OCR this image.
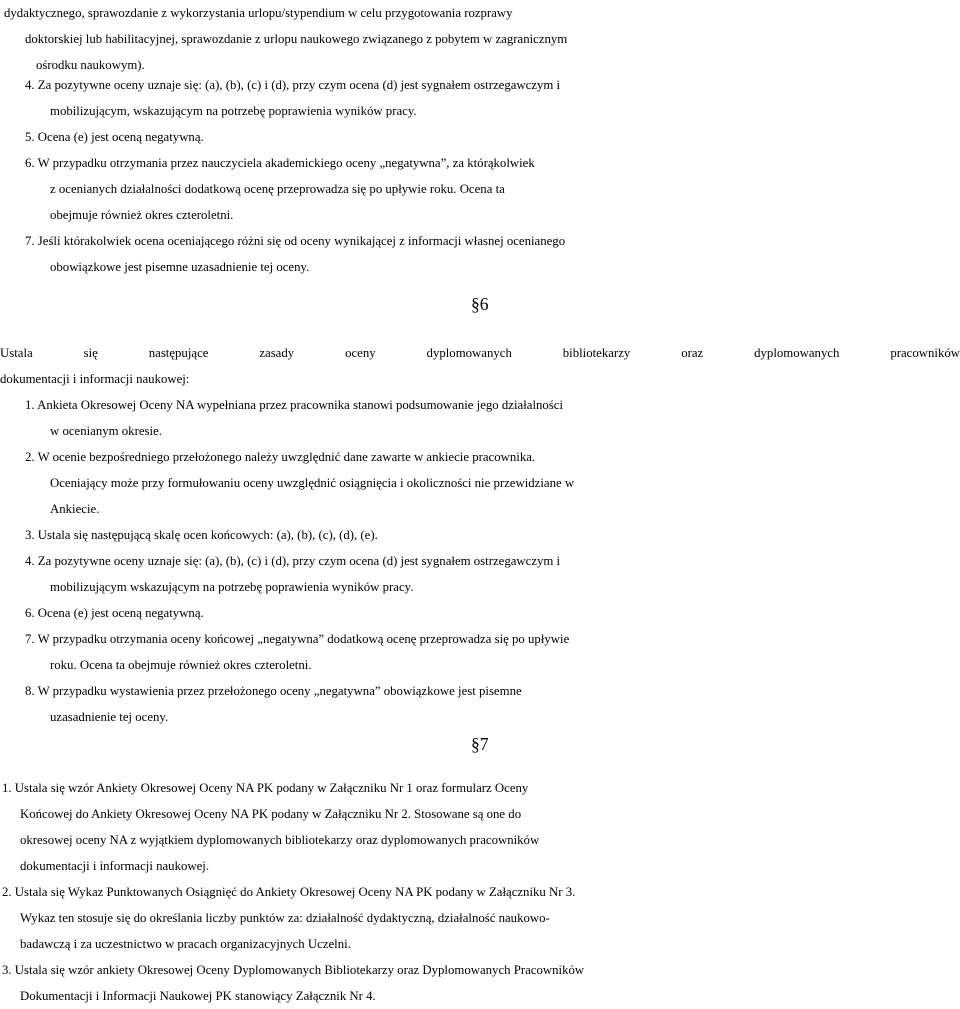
dydaktycznego, sprawozdanie z wykorzystania urlopu/stypendium w celu przygotowania rozprawy
doktorskiej lub habilitacyjnej, sprawozdanie z urlopu naukowego związanego z pobytem w zagranicznym
ośrodku naukowym).
4. Za pozytywne oceny uznaje się: (a), (b), (c) i (d), przy czym ocena (d) jest sygnałem ostrzegawczym i
mobilizującym, wskazującym na potrzebę poprawienia wyników pracy.
5. Ocena (e) jest oceną negatywną.
6. W przypadku otrzymania przez nauczyciela akademickiego oceny „negatywna”, za którąkolwiek
z ocenianych działalności dodatkową ocenę przeprowadza się po upływie roku. Ocena ta
obejmuje również okres czteroletni.
7. Jeśli którakolwiek ocena oceniającego różni się od oceny wynikającej z informacji własnej ocenianego
obowiązkowe jest pisemne uzasadnienie tej oceny.
§6
Ustala się następujące zasady oceny dyplomowanych bibliotekarzy oraz dyplomowanych pracowników
dokumentacji i informacji naukowej:
1. Ankieta Okresowej Oceny NA wypełniana przez pracownika stanowi podsumowanie jego działalności
w ocenianym okresie.
2. W ocenie bezpośredniego przełożonego należy uwzględnić dane zawarte w ankiecie pracownika.
Oceniający może przy formułowaniu oceny uwzględnić osiągnięcia i okoliczności nie przewidziane w
Ankiecie.
3. Ustala się następującą skalę ocen końcowych: (a), (b), (c), (d), (e).
4. Za pozytywne oceny uznaje się: (a), (b), (c) i (d), przy czym ocena (d) jest sygnałem ostrzegawczym i
mobilizującym wskazującym na potrzebę poprawienia wyników pracy.
6. Ocena (e) jest oceną negatywną.
7. W przypadku otrzymania oceny końcowej „negatywna” dodatkową ocenę przeprowadza się po upływie
roku. Ocena ta obejmuje również okres czteroletni.
8. W przypadku wystawienia przez przełożonego oceny „negatywna” obowiązkowe jest pisemne
uzasadnienie tej oceny.
§7
1. Ustala się wzór Ankiety Okresowej Oceny NA PK podany w Załączniku Nr 1 oraz formularz Oceny
Końcowej do Ankiety Okresowej Oceny NA PK podany w Załączniku Nr 2. Stosowane są one do
okresowej oceny NA z wyjątkiem dyplomowanych bibliotekarzy oraz dyplomowanych pracowników
dokumentacji i informacji naukowej.
2. Ustala się Wykaz Punktowanych Osiągnięć do Ankiety Okresowej Oceny NA PK podany w Załączniku Nr 3.
Wykaz ten stosuje się do określania liczby punktów za: działalność dydaktyczną, działalność naukowo-
badawczą i za uczestnictwo w pracach organizacyjnych Uczelni.
3. Ustala się wzór ankiety Okresowej Oceny Dyplomowanych Bibliotekarzy oraz Dyplomowanych Pracowników
Dokumentacji i Informacji Naukowej PK stanowiący Załącznik Nr 4.
